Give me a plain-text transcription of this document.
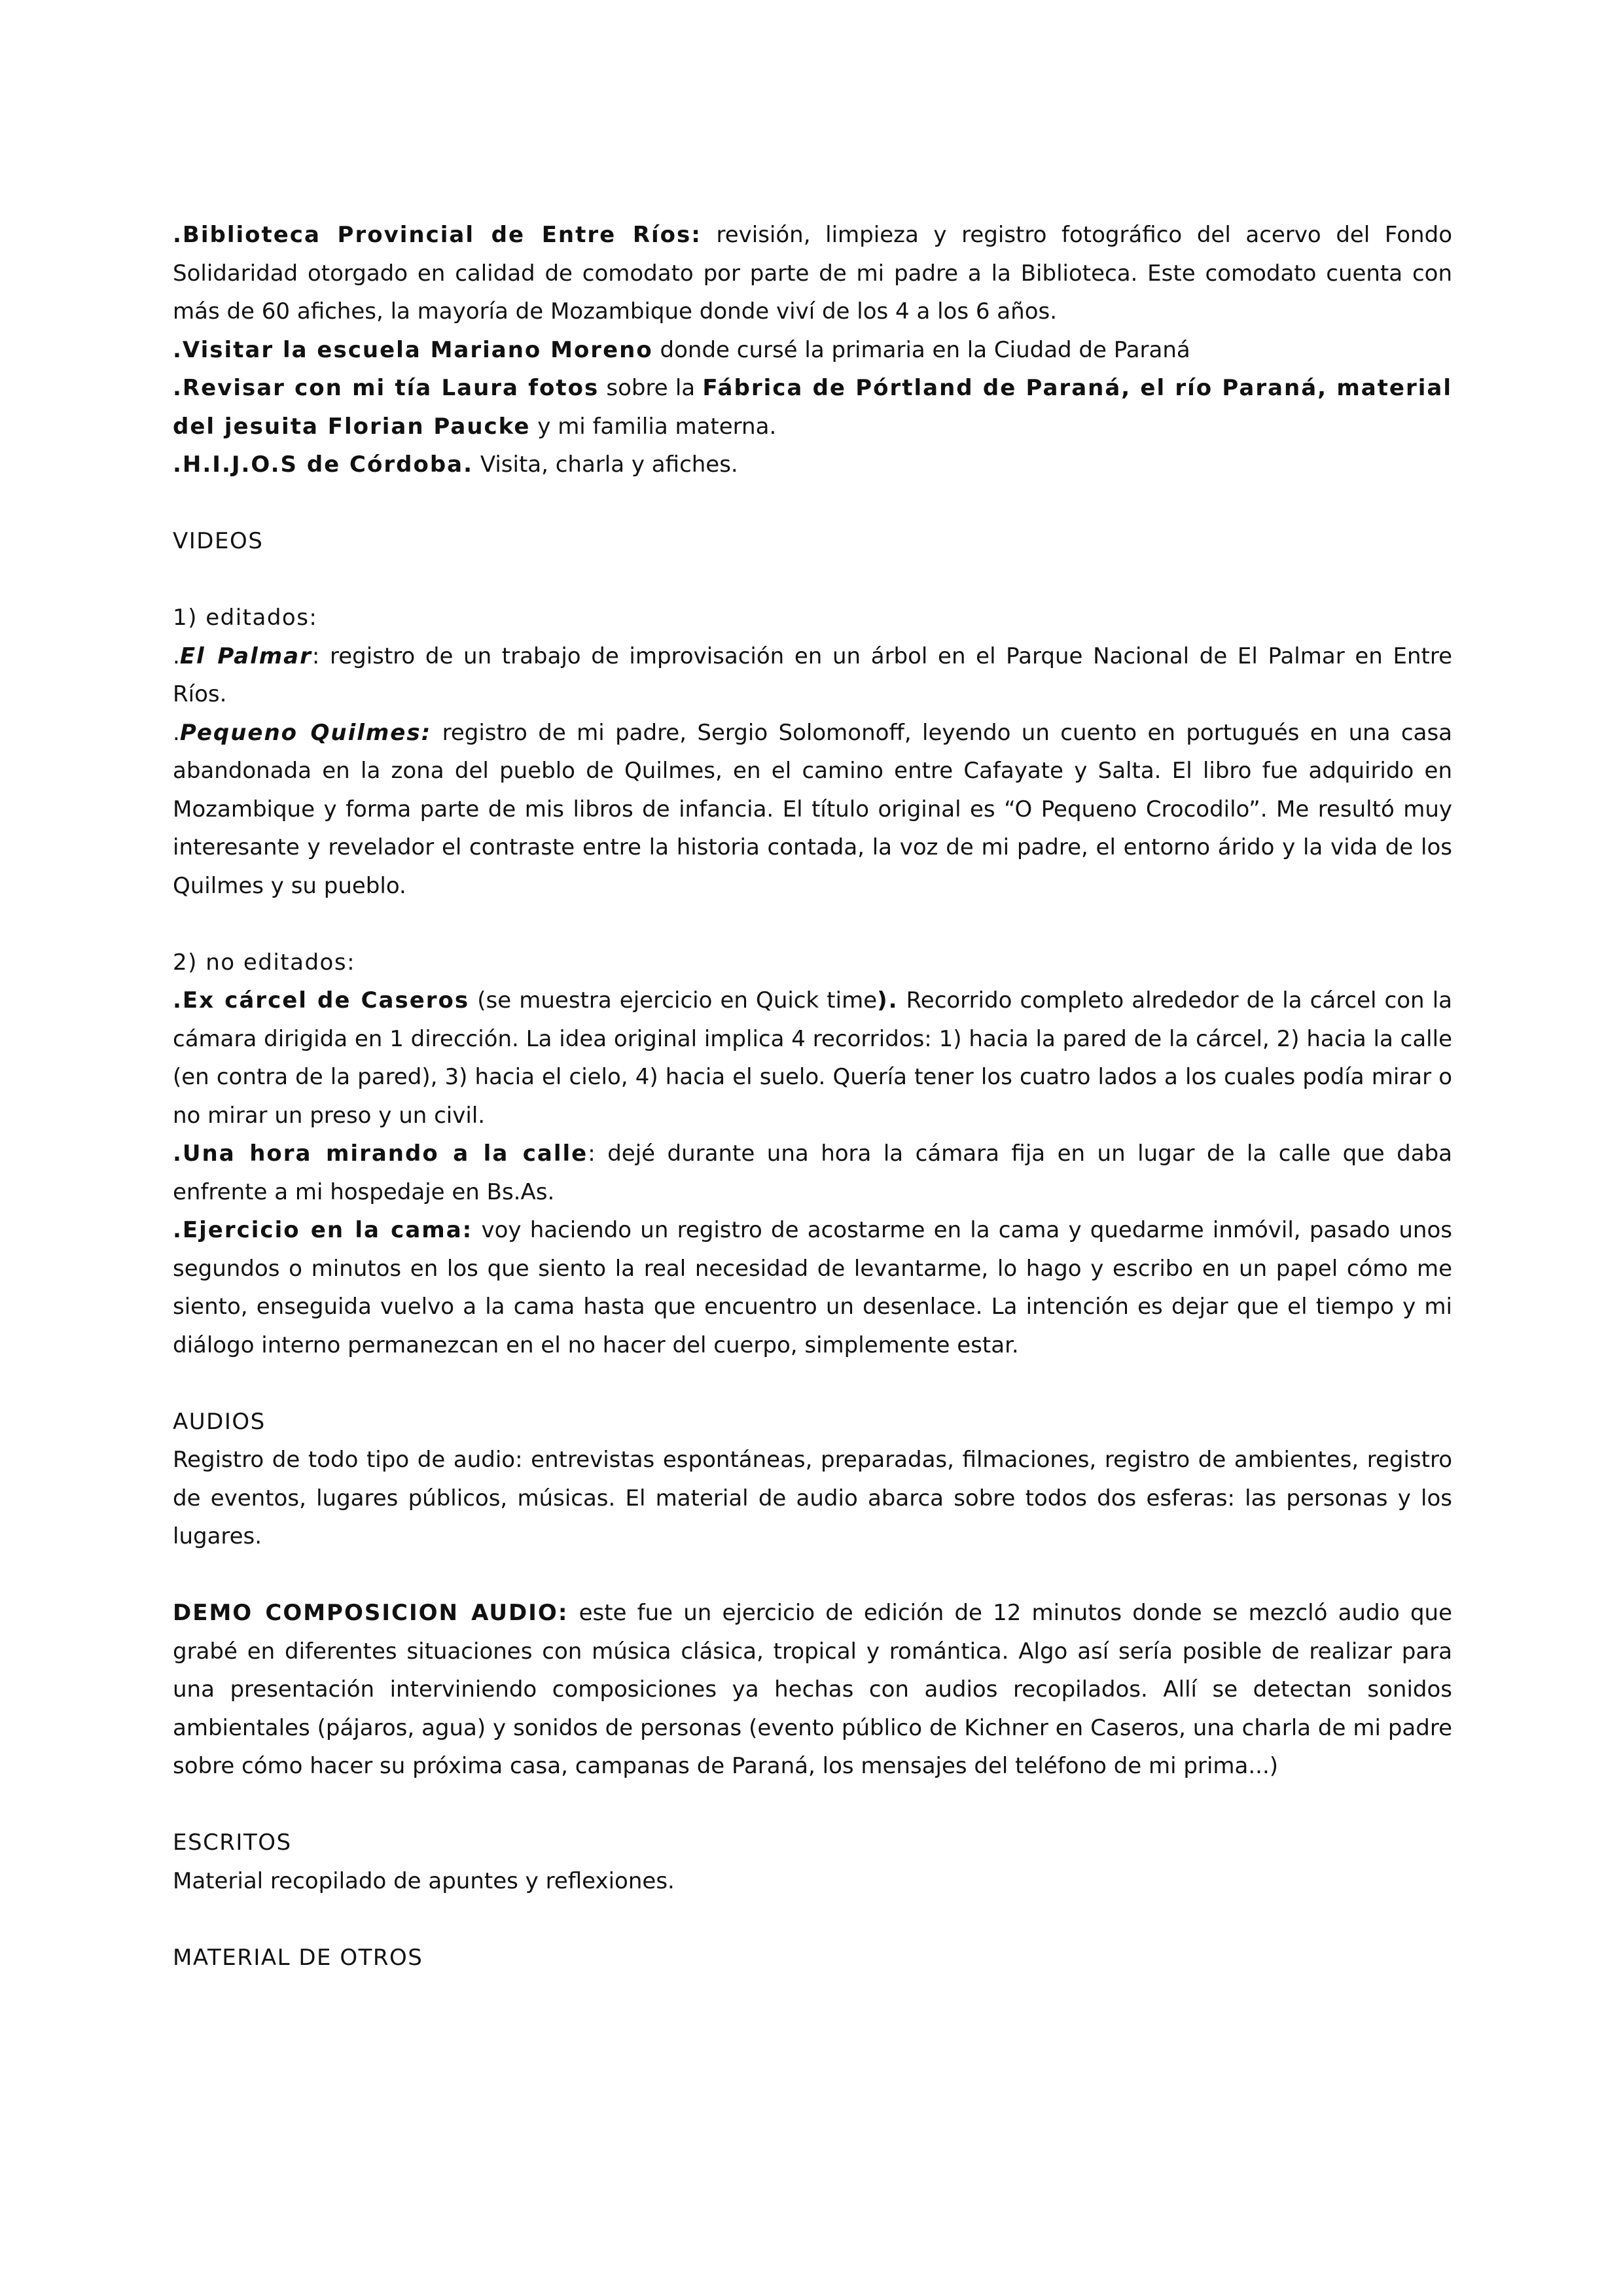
.Biblioteca Provincial de Entre Ríos: revisión, limpieza y registro fotográfico del acervo del Fondo Solidaridad otorgado en calidad de comodato por parte de mi padre a la Biblioteca. Este comodato cuenta con más de 60 afiches, la mayoría de Mozambique donde viví de los 4 a los 6 años.

.Visitar la escuela Mariano Moreno donde cursé la primaria en la Ciudad de Paraná

.Revisar con mi tía Laura fotos sobre la Fábrica de Pórtland de Paraná, el río Paraná, material del jesuita Florian Paucke y mi familia materna.

.H.I.J.O.S de Córdoba. Visita, charla y afiches.

VIDEOS

1) editados:

.El Palmar: registro de un trabajo de improvisación en un árbol en el Parque Nacional de El Palmar en Entre Ríos.

.Pequeno Quilmes: registro de mi padre, Sergio Solomonoff, leyendo un cuento en portugués en una casa abandonada en la zona del pueblo de Quilmes, en el camino entre Cafayate y Salta. El libro fue adquirido en Mozambique y forma parte de mis libros de infancia. El título original es “O Pequeno Crocodilo”. Me resultó muy interesante y revelador el contraste entre la historia contada, la voz de mi padre, el entorno árido y la vida de los Quilmes y su pueblo.

2) no editados:

.Ex cárcel de Caseros (se muestra ejercicio en Quick time). Recorrido completo alrededor de la cárcel con la cámara dirigida en 1 dirección. La idea original implica 4 recorridos: 1) hacia la pared de la cárcel, 2) hacia la calle (en contra de la pared), 3) hacia el cielo, 4) hacia el suelo. Quería tener los cuatro lados a los cuales podía mirar o no mirar un preso y un civil.

.Una hora mirando a la calle: dejé durante una hora la cámara fija en un lugar de la calle que daba enfrente a mi hospedaje en Bs.As.

.Ejercicio en la cama: voy haciendo un registro de acostarme en la cama y quedarme inmóvil, pasado unos segundos o minutos en los que siento la real necesidad de levantarme, lo hago y escribo en un papel cómo me siento, enseguida vuelvo a la cama hasta que encuentro un desenlace. La intención es dejar que el tiempo y mi diálogo interno permanezcan en el no hacer del cuerpo, simplemente estar.

AUDIOS

Registro de todo tipo de audio: entrevistas espontáneas, preparadas, filmaciones, registro de ambientes, registro de eventos, lugares públicos, músicas. El material de audio abarca sobre todos dos esferas: las personas y los lugares.

DEMO COMPOSICION AUDIO: este fue un ejercicio de edición de 12 minutos donde se mezcló audio que grabé en diferentes situaciones con música clásica, tropical y romántica. Algo así sería posible de realizar para una presentación interviniendo composiciones ya hechas con audios recopilados. Allí se detectan sonidos ambientales (pájaros, agua) y sonidos de personas (evento público de Kichner en Caseros, una charla de mi padre sobre cómo hacer su próxima casa, campanas de Paraná, los mensajes del teléfono de mi prima...)

ESCRITOS

Material recopilado de apuntes y reflexiones.

MATERIAL DE OTROS
